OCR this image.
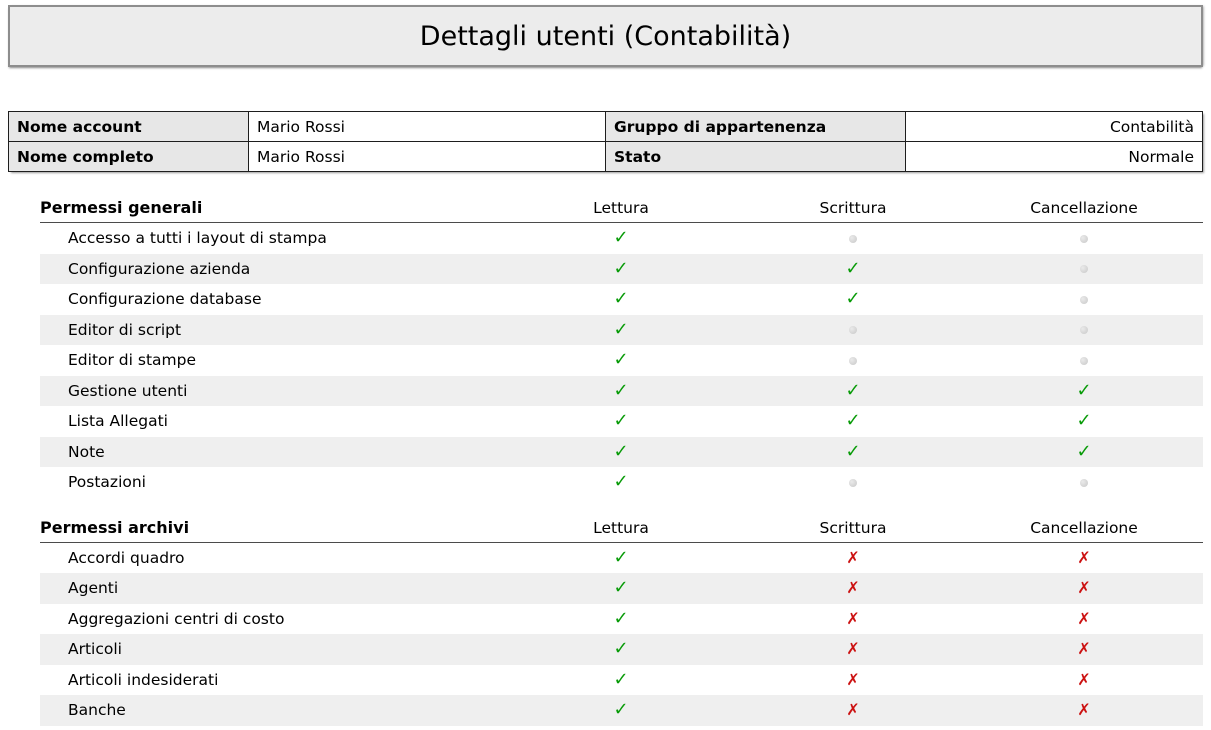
Dettagli utenti (Contabilità)
Nome account	Mario Rossi	Gruppo di appartenenza	Contabilità
Nome completo	Mario Rossi	Stato	Normale
Permessi generali	Lettura	Scrittura	Cancellazione
Accesso a tutti i layout di stampa	✓
Configurazione azienda	✓	✓
Configurazione database	✓	✓
Editor di script	✓
Editor di stampe	✓
Gestione utenti	✓	✓	✓
Lista Allegati	✓	✓	✓
Note	✓	✓	✓
Postazioni	✓
Permessi archivi	Lettura	Scrittura	Cancellazione
Accordi quadro	✓	✗	✗
Agenti	✓	✗	✗
Aggregazioni centri di costo	✓	✗	✗
Articoli	✓	✗	✗
Articoli indesiderati	✓	✗	✗
Banche	✓	✗	✗
